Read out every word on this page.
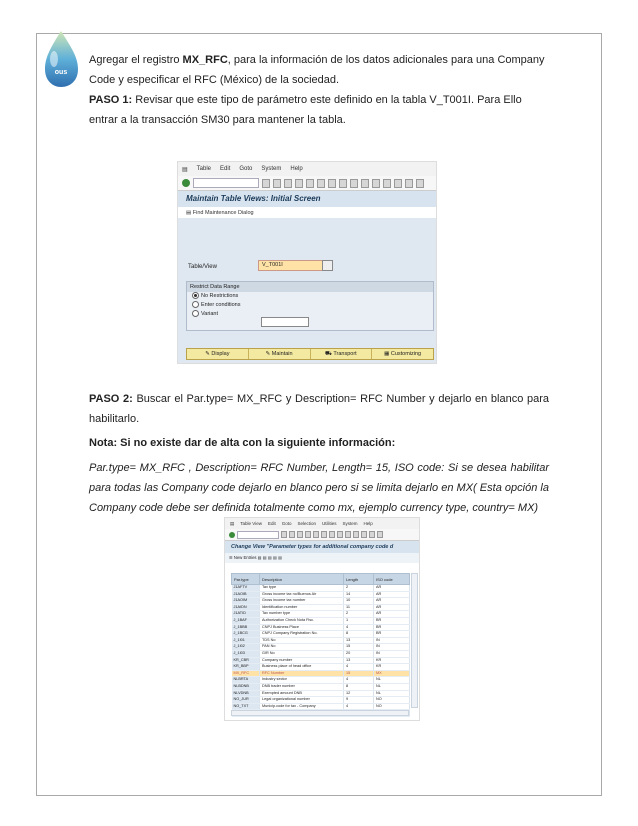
ous

Agregar el registro MX_RFC, para la información de los datos adicionales para una Company Code y especificar el RFC (México) de la sociedad.

PASO 1: Revisar que este tipo de parámetro este definido en la tabla V_T001I. Para Ello entrar a la transacción SM30 para mantener la tabla.

▤ Table Edit Goto System Help
Maintain Table Views: Initial Screen
▤ Find Maintenance Dialog
Table/View	V_T001I
Restrict Data Range
No Restrictions
Enter conditions
Variant
✎ Display	✎ Maintain	⛟ Transport	▦ Customizing

PASO 2: Buscar el Par.type= MX_RFC y Description= RFC Number y dejarlo en blanco para habilitarlo.

Nota: Si no existe dar de alta con la siguiente información:

Par.type= MX_RFC , Description= RFC Number, Length= 15, ISO code: Si se desea habilitar para todas las Company code dejarlo en blanco pero si se limita dejarlo en MX( Esta opción la Company code debe ser definida totalmente como mx, ejemplo currency type, country= MX)

▤ Table View Edit Goto Selection Utilities System Help
Change View "Parameter types for additional company code d
☰ New Entries ▤ ▤ ▤ ▤ ▤
Par.type	Description	Length	ISO code
J1AFTV	Tax type	2	AR
J1AOIB	Gross income tax no/Buenos Air	14	AR
J1AOIM	Gross income tax number	10	AR
J1AIDN	Identification number	11	AR
J1ATID	Tax number type	2	AR
J_1BAF	Authorization Check Nota Fisc.	1	BR
J_1BBB	CNPJ Business Place	4	BR
J_1BCG	CNPJ Company Registration No.	8	BR
J_1I01	TDS No	13	IN
J_1I02	PAN No	15	IN
J_1I03	GIR No	20	IN
KR_CBR	Company number	13	KR
KR_BBP	Business place of head office	4	KR
MX_RFC	RFC Number	15	MX
NLBRTA	Industry sector	4	NL
NLBDNB	DNB trader number	8	NL
NLVDNB	Exempted amount DNB	12	NL
NO_JUR	Legal organizational number	9	NO
NO_TXT	Municip.code for tax - Company	4	NO
